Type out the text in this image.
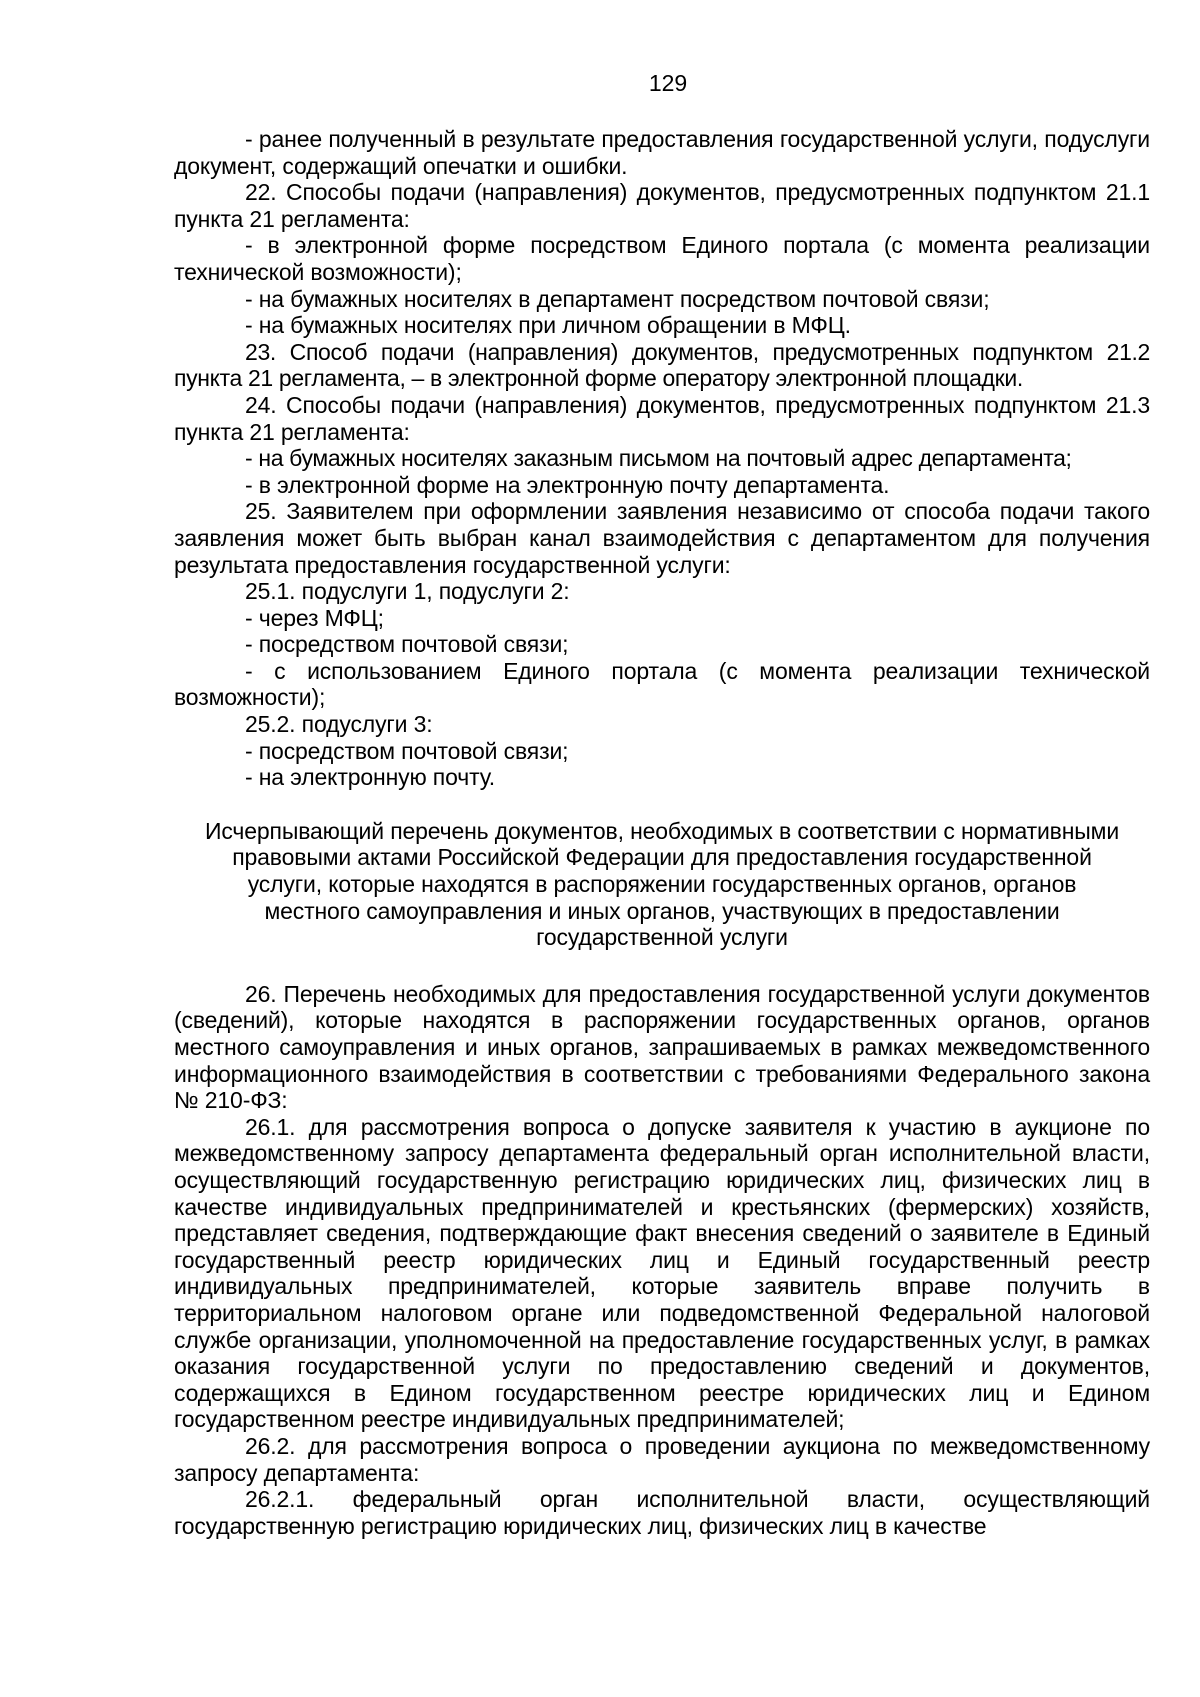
129

- ранее полученный в результате предоставления государственной услуги, подуслуги документ, содержащий опечатки и ошибки.

22. Способы подачи (направления) документов, предусмотренных подпунктом 21.1 пункта 21 регламента:

- в электронной форме посредством Единого портала (с момента реализации технической возможности);

- на бумажных носителях в департамент посредством почтовой связи;

- на бумажных носителях при личном обращении в МФЦ.

23. Способ подачи (направления) документов, предусмотренных подпунктом 21.2 пункта 21 регламента, – в электронной форме оператору электронной площадки.

24. Способы подачи (направления) документов, предусмотренных подпунктом 21.3 пункта 21 регламента:

- на бумажных носителях заказным письмом на почтовый адрес департамента;

- в электронной форме на электронную почту департамента.

25. Заявителем при оформлении заявления независимо от способа подачи такого заявления может быть выбран канал взаимодействия с департаментом для получения результата предоставления государственной услуги:

25.1. подуслуги 1, подуслуги 2:

- через МФЦ;

- посредством почтовой связи;

- с использованием Единого портала (с момента реализации технической возможности);

25.2. подуслуги 3:

- посредством почтовой связи;

- на электронную почту.

Исчерпывающий перечень документов, необходимых в соответствии с нормативными правовыми актами Российской Федерации для предоставления государственной услуги, которые находятся в распоряжении государственных органов, органов местного самоуправления и иных органов, участвующих в предоставлении государственной услуги

26. Перечень необходимых для предоставления государственной услуги документов (сведений), которые находятся в распоряжении государственных органов, органов местного самоуправления и иных органов, запрашиваемых в рамках межведомственного информационного взаимодействия в соответствии с требованиями Федерального закона № 210-ФЗ:

26.1. для рассмотрения вопроса о допуске заявителя к участию в аукционе по межведомственному запросу департамента федеральный орган исполнительной власти, осуществляющий государственную регистрацию юридических лиц, физических лиц в качестве индивидуальных предпринимателей и крестьянских (фермерских) хозяйств, представляет сведения, подтверждающие факт внесения сведений о заявителе в Единый государственный реестр юридических лиц и Единый государственный реестр индивидуальных предпринимателей, которые заявитель вправе получить в территориальном налоговом органе или подведомственной Федеральной налоговой службе организации, уполномоченной на предоставление государственных услуг, в рамках оказания государственной услуги по предоставлению сведений и документов, содержащихся в Едином государственном реестре юридических лиц и Едином государственном реестре индивидуальных предпринимателей;

26.2. для рассмотрения вопроса о проведении аукциона по межведомственному запросу департамента:

26.2.1. федеральный орган исполнительной власти, осуществляющий государственную регистрацию юридических лиц, физических лиц в качестве
